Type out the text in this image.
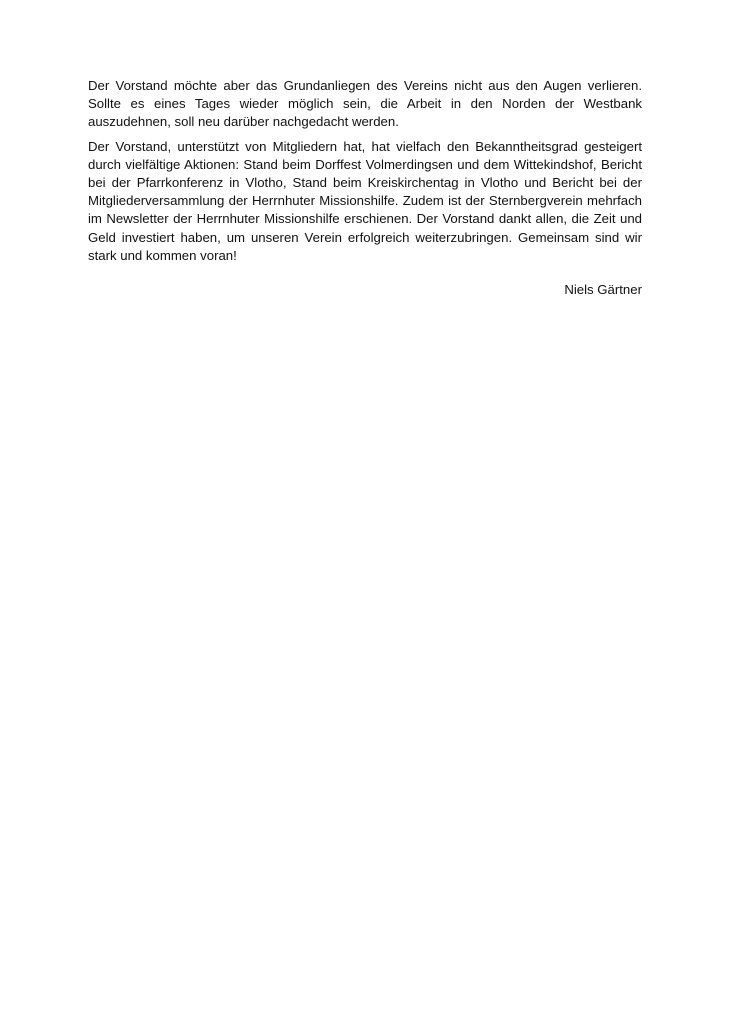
Der Vorstand möchte aber das Grundanliegen des Vereins nicht aus den Augen verlieren. Sollte es eines Tages wieder möglich sein, die Arbeit in den Norden der Westbank auszudehnen, soll neu darüber nachgedacht werden.

Der Vorstand, unterstützt von Mitgliedern hat, hat vielfach den Bekanntheitsgrad gesteigert durch vielfältige Aktionen: Stand beim Dorffest Volmerdingsen und dem Wittekindshof, Bericht bei der Pfarrkonferenz in Vlotho, Stand beim Kreiskirchentag in Vlotho und Bericht bei der Mitgliederversammlung der Herrnhuter Missionshilfe. Zudem ist der Sternbergverein mehrfach im Newsletter der Herrnhuter Missionshilfe erschienen. Der Vorstand dankt allen, die Zeit und Geld investiert haben, um unseren Verein erfolgreich weiterzubringen. Gemeinsam sind wir stark und kommen voran!

Niels Gärtner
